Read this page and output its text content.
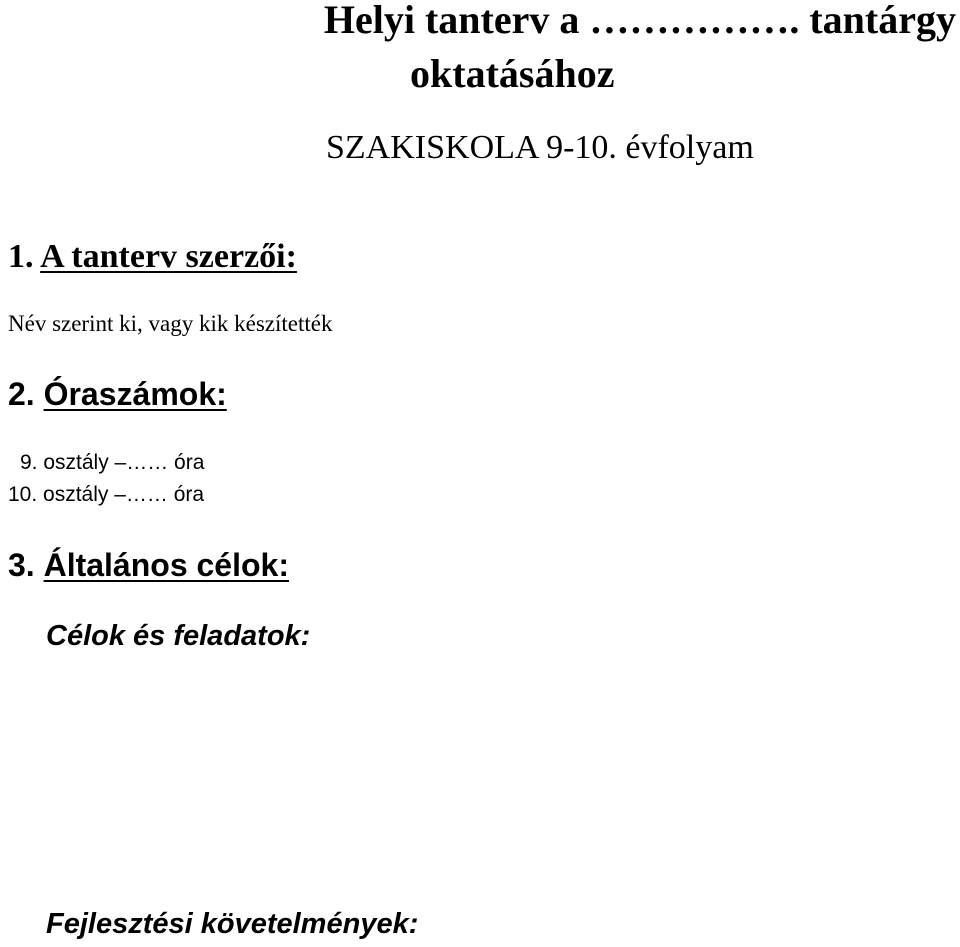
Helyi tanterv a ……………. tantárgy
oktatásához
SZAKISKOLA 9-10. évfolyam
1. A tanterv szerzői:

Név szerint ki, vagy kik készítették

2. Óraszámok:
9. osztály –…… óra
10. osztály –…… óra
3. Általános célok:
Célok és feladatok:
Fejlesztési követelmények:
